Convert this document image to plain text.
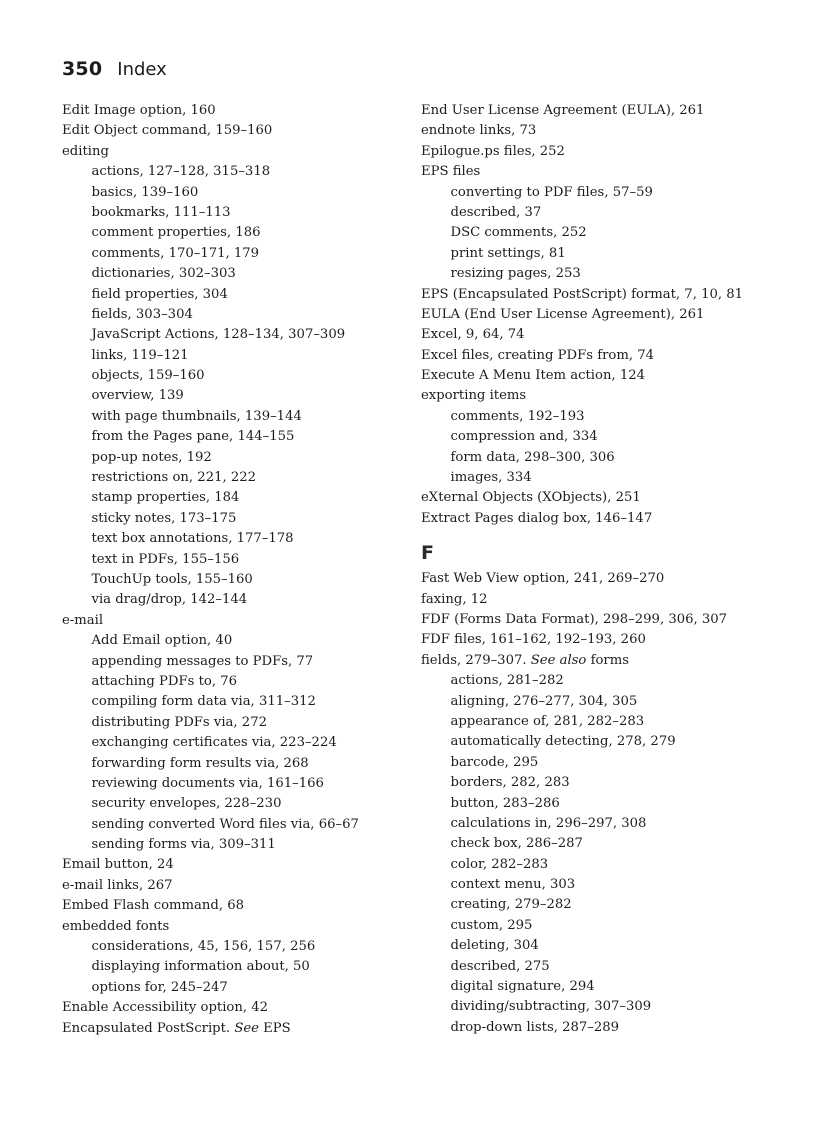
350 Index
Edit Image option, 160
Edit Object command, 159–160
editing
actions, 127–128, 315–318
basics, 139–160
bookmarks, 111–113
comment properties, 186
comments, 170–171, 179
dictionaries, 302–303
field properties, 304
fields, 303–304
JavaScript Actions, 128–134, 307–309
links, 119–121
objects, 159–160
overview, 139
with page thumbnails, 139–144
from the Pages pane, 144–155
pop-up notes, 192
restrictions on, 221, 222
stamp properties, 184
sticky notes, 173–175
text box annotations, 177–178
text in PDFs, 155–156
TouchUp tools, 155–160
via drag/drop, 142–144
e-mail
Add Email option, 40
appending messages to PDFs, 77
attaching PDFs to, 76
compiling form data via, 311–312
distributing PDFs via, 272
exchanging certificates via, 223–224
forwarding form results via, 268
reviewing documents via, 161–166
security envelopes, 228–230
sending converted Word files via, 66–67
sending forms via, 309–311
Email button, 24
e-mail links, 267
Embed Flash command, 68
embedded fonts
considerations, 45, 156, 157, 256
displaying information about, 50
options for, 245–247
Enable Accessibility option, 42
Encapsulated PostScript. See EPS
End User License Agreement (EULA), 261
endnote links, 73
Epilogue.ps files, 252
EPS files
converting to PDF files, 57–59
described, 37
DSC comments, 252
print settings, 81
resizing pages, 253
EPS (Encapsulated PostScript) format, 7, 10, 81
EULA (End User License Agreement), 261
Excel, 9, 64, 74
Excel files, creating PDFs from, 74
Execute A Menu Item action, 124
exporting items
comments, 192–193
compression and, 334
form data, 298–300, 306
images, 334
eXternal Objects (XObjects), 251
Extract Pages dialog box, 146–147
F
Fast Web View option, 241, 269–270
faxing, 12
FDF (Forms Data Format), 298–299, 306, 307
FDF files, 161–162, 192–193, 260
fields, 279–307. See also forms
actions, 281–282
aligning, 276–277, 304, 305
appearance of, 281, 282–283
automatically detecting, 278, 279
barcode, 295
borders, 282, 283
button, 283–286
calculations in, 296–297, 308
check box, 286–287
color, 282–283
context menu, 303
creating, 279–282
custom, 295
deleting, 304
described, 275
digital signature, 294
dividing/subtracting, 307–309
drop-down lists, 287–289
